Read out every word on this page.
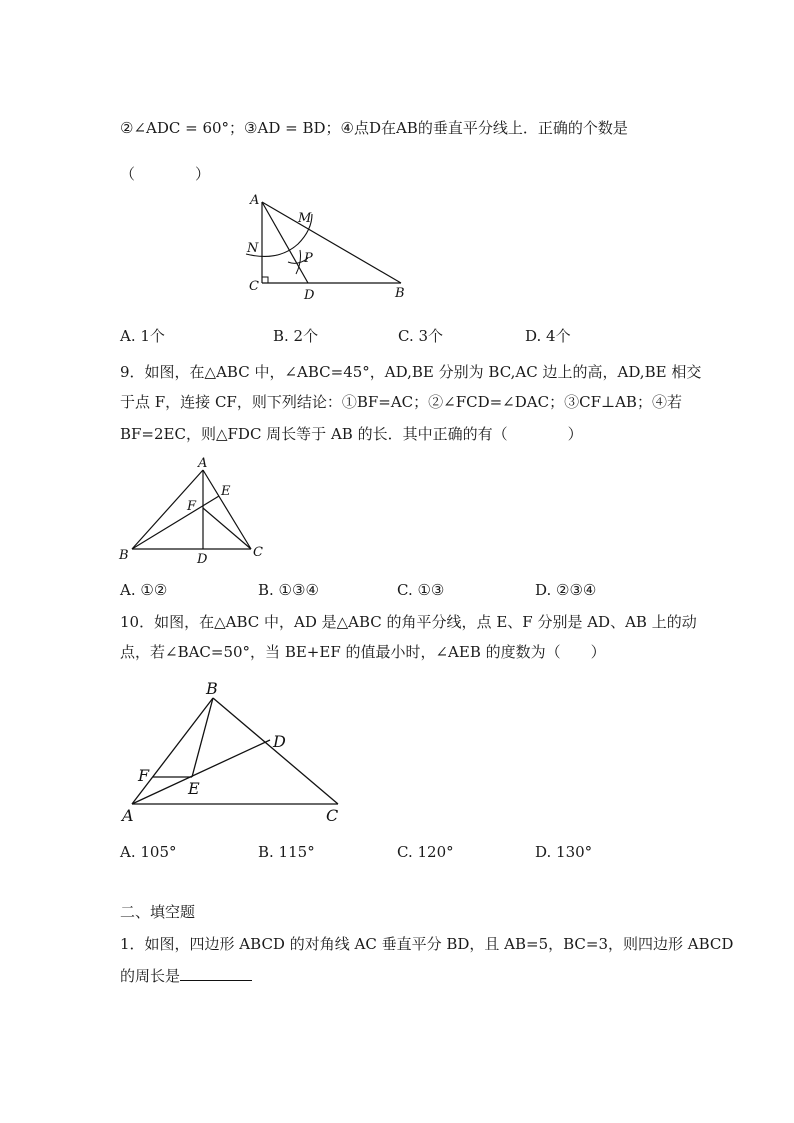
②∠ADC = 60°；③AD = BD；④点D在AB的垂直平分线上．正确的个数是
（　　　　）
A
M
N
P
C
D	B
A. 1个	B. 2个	C. 3个	D. 4个
9．如图，在△ABC 中，∠ABC=45°，AD,BE 分别为 BC,AC 边上的高，AD,BE 相交
于点 F，连接 CF，则下列结论：①BF=AC；②∠FCD=∠DAC；③CF⊥AB；④若
BF=2EC，则△FDC 周长等于 AB 的长．其中正确的有（　　　　）
A
E
F
B	D	C
A. ①②	B. ①③④	C. ①③	D. ②③④
10．如图，在△ABC 中，AD 是△ABC 的角平分线，点 E、F 分别是 AD、AB 上的动
点，若∠BAC=50°，当 BE+EF 的值最小时，∠AEB 的度数为（　　）
B
D
F
E
A	C
A. 105°	B. 115°	C. 120°	D. 130°
二、填空题
1．如图，四边形 ABCD 的对角线 AC 垂直平分 BD，且 AB=5，BC=3，则四边形 ABCD
的周长是
